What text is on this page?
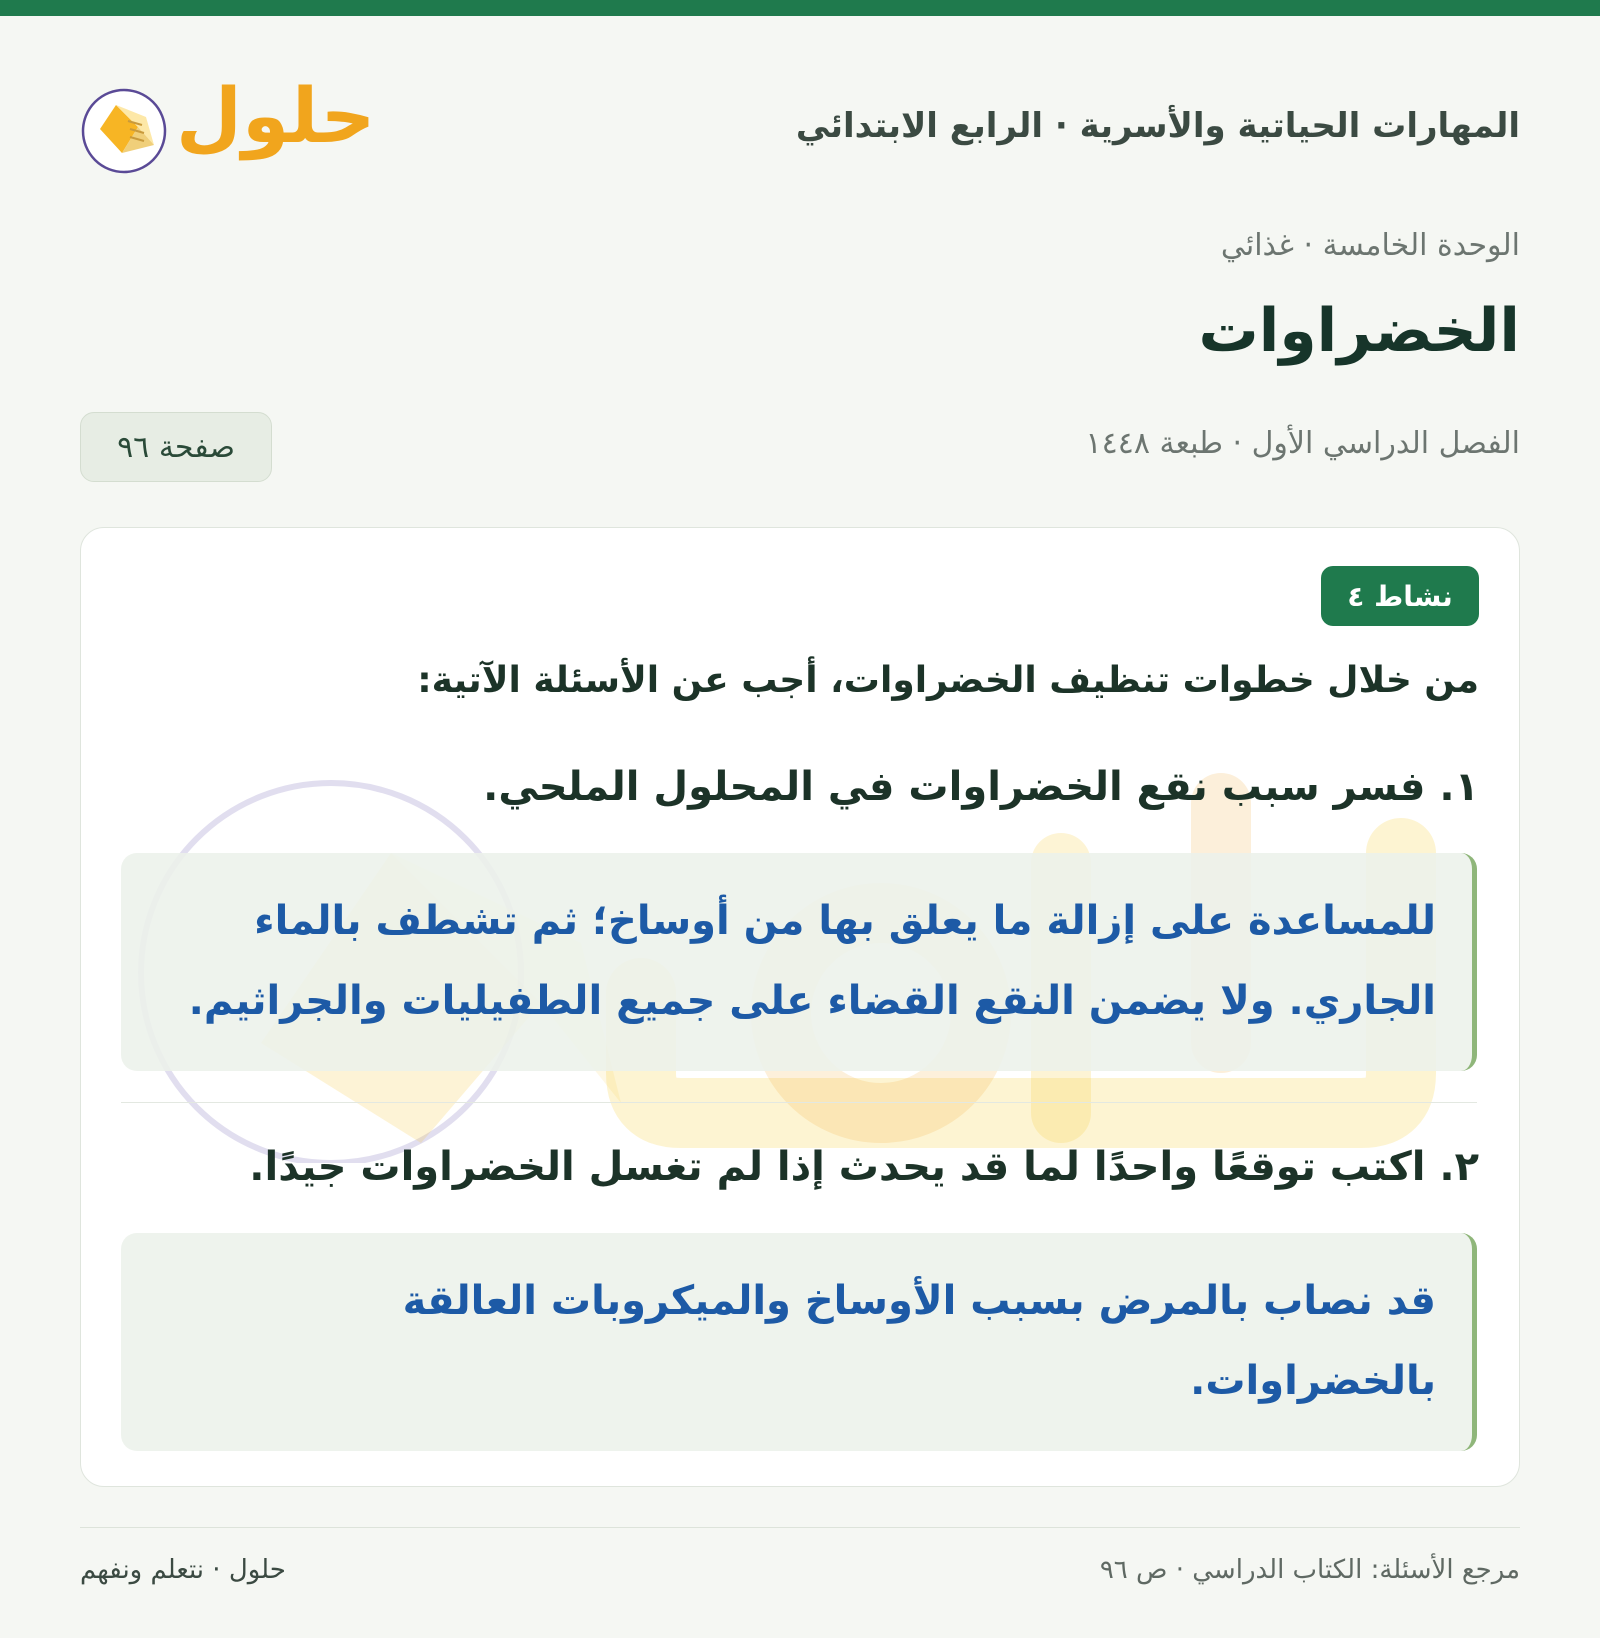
المهارات الحياتية والأسرية · الرابع الابتدائي
حلول
الوحدة الخامسة · غذائي
الخضراوات
الفصل الدراسي الأول · طبعة ١٤٤٨
صفحة ٩٦
نشاط ٤
من خلال خطوات تنظيف الخضراوات، أجب عن الأسئلة الآتية:
١. فسر سبب نقع الخضراوات في المحلول الملحي.
للمساعدة على إزالة ما يعلق بها من أوساخ؛ ثم تشطف بالماء الجاري. ولا يضمن النقع القضاء على جميع الطفيليات والجراثيم.
٢. اكتب توقعًا واحدًا لما قد يحدث إذا لم تغسل الخضراوات جيدًا.
قد نصاب بالمرض بسبب الأوساخ والميكروبات العالقة بالخضراوات.
مرجع الأسئلة: الكتاب الدراسي · ص ٩٦
حلول · نتعلم ونفهم
